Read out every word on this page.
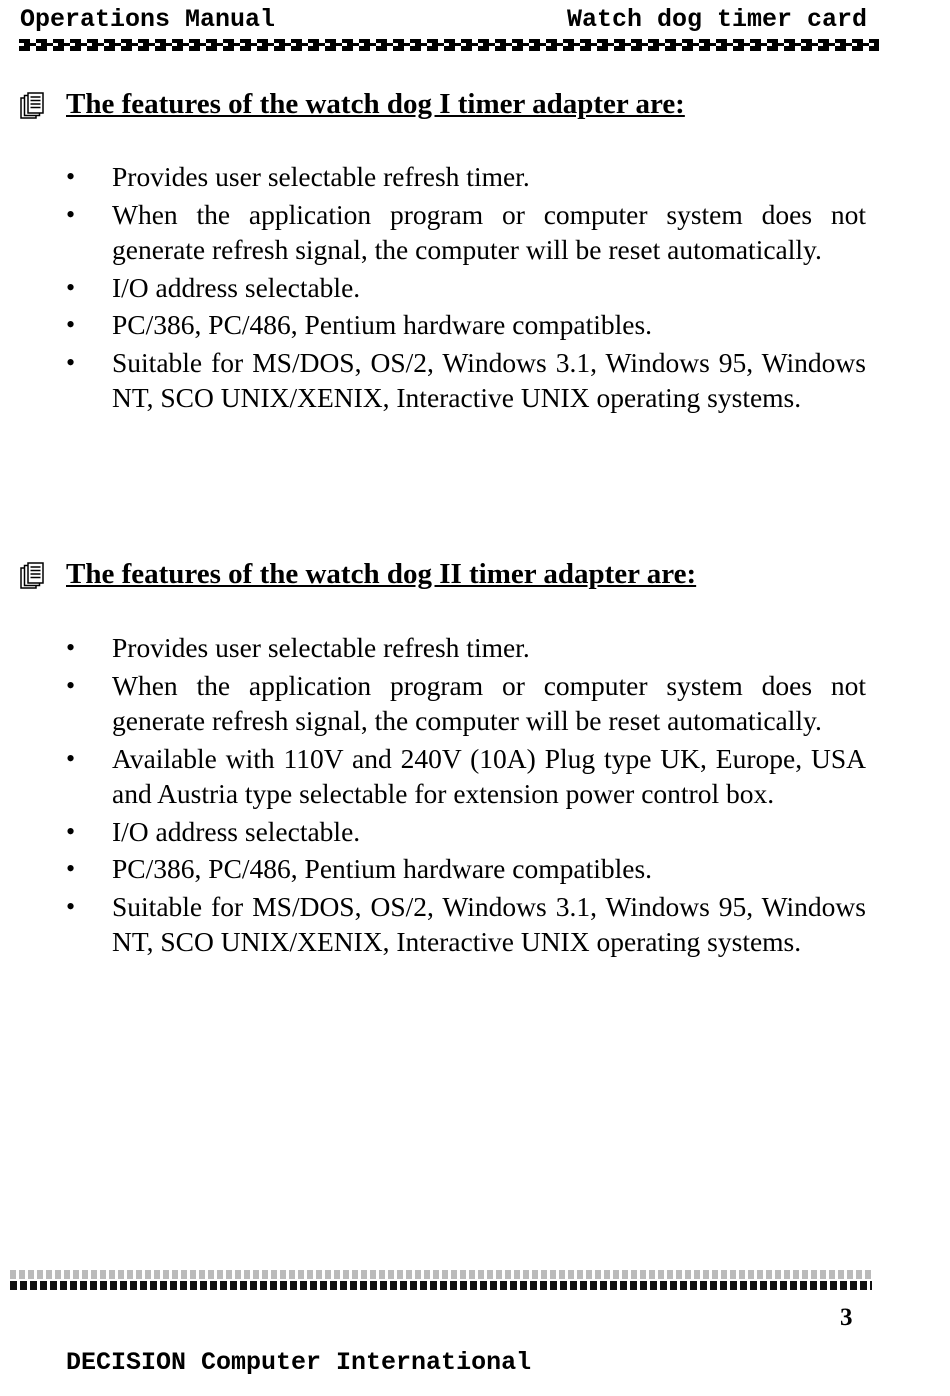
Operations Manual	Watch dog timer card
The features of the watch dog I timer adapter are:
• Provides user selectable refresh timer.
• When the application program or computer system does not generate refresh signal, the computer will be reset automatically.
• I/O address selectable.
• PC/386, PC/486, Pentium hardware compatibles.
• Suitable for MS/DOS, OS/2, Windows 3.1, Windows 95, Windows NT, SCO UNIX/XENIX, Interactive UNIX operating systems.
The features of the watch dog II timer adapter are:
• Provides user selectable refresh timer.
• When the application program or computer system does not generate refresh signal, the computer will be reset automatically.
• Available with 110V and 240V (10A) Plug type UK, Europe, USA and Austria type selectable for extension power control box.
• I/O address selectable.
• PC/386, PC/486, Pentium hardware compatibles.
• Suitable for MS/DOS, OS/2, Windows 3.1, Windows 95, Windows NT, SCO UNIX/XENIX, Interactive UNIX operating systems.
3
DECISION Computer International
